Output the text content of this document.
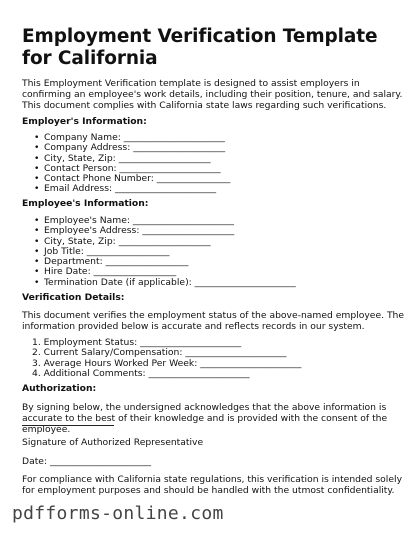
Employment Verification Template for California

This Employment Verification template is designed to assist employers in confirming an employee's work details, including their position, tenure, and salary. This document complies with California state laws regarding such verifications.

Employer's Information:

• Company Name: ______________________
• Company Address: ____________________
• City, State, Zip: ____________________
• Contact Person: ______________________
• Contact Phone Number: ________________
• Email Address: ______________________

Employee's Information:

• Employee's Name: ______________________
• Employee's Address: ____________________
• City, State, Zip: ____________________
• Job Title: __________________
• Department: __________________
• Hire Date: __________________
• Termination Date (if applicable): ______________________

Verification Details:

This document verifies the employment status of the above-named employee. The information provided below is accurate and reflects records in our system.

1. Employment Status: ______________________
2. Current Salary/Compensation: ______________________
3. Average Hours Worked Per Week: ______________________
4. Additional Comments: ______________________

Authorization:

By signing below, the undersigned acknowledges that the above information is accurate to the best of their knowledge and is provided with the consent of the employee.

Signature of Authorized Representative

Date: ______________________

For compliance with California state regulations, this verification is intended solely for employment purposes and should be handled with the utmost confidentiality.

pdfforms-online.com
